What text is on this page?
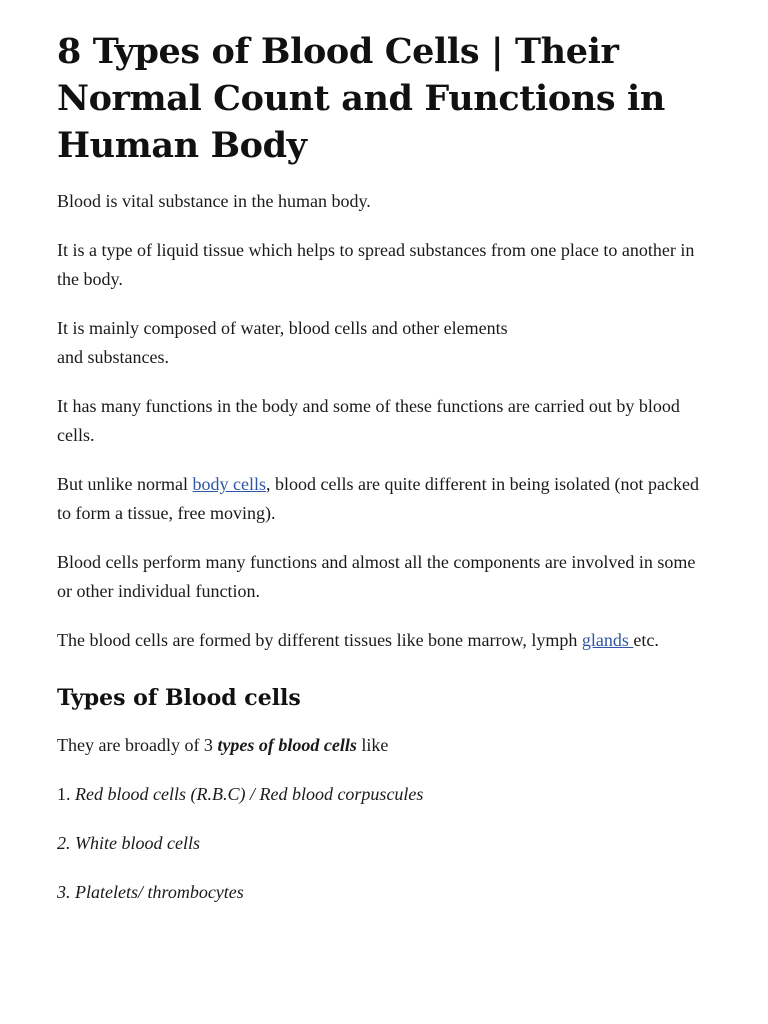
8 Types of Blood Cells | Their Normal Count and Functions in Human Body

Blood is vital substance in the human body.

It is a type of liquid tissue which helps to spread substances from one place to another in the body.

It is mainly composed of water, blood cells and other elements
and substances.

It has many functions in the body and some of these functions are carried out by blood cells.

But unlike normal body cells, blood cells are quite different in being isolated (not packed to form a tissue, free moving).

Blood cells perform many functions and almost all the components are involved in some or other individual function.

The blood cells are formed by different tissues like bone marrow, lymph glands etc.

Types of Blood cells

They are broadly of 3 types of blood cells like

1. Red blood cells (R.B.C) / Red blood corpuscules

2. White blood cells

3. Platelets/ thrombocytes
